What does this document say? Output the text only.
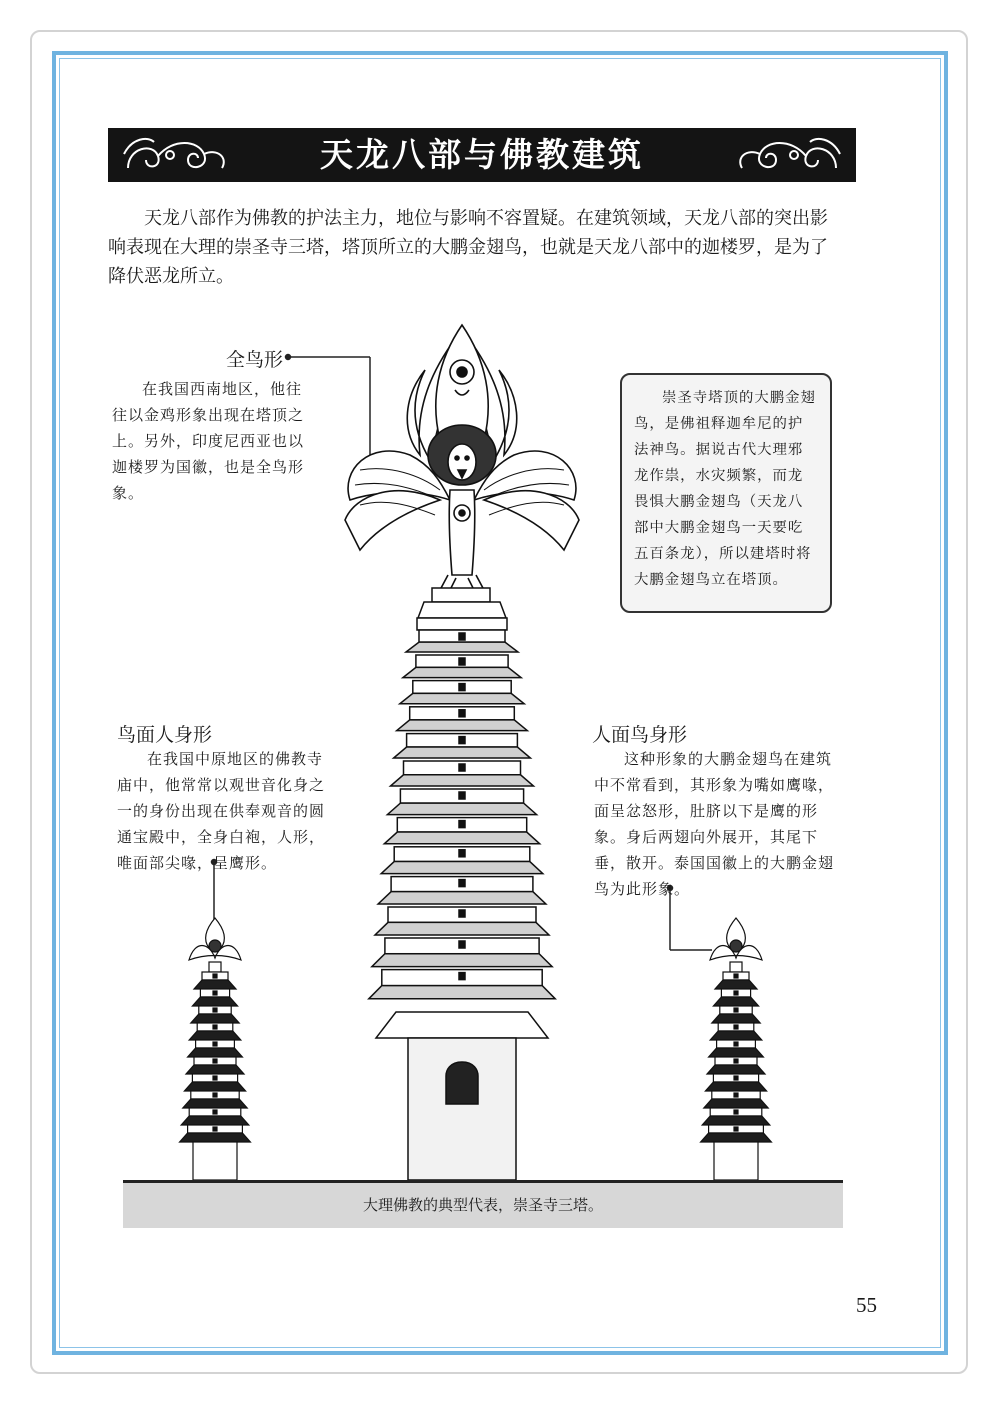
天龙八部与佛教建筑

天龙八部作为佛教的护法主力，地位与影响不容置疑。在建筑领域，天龙八部的突出影响表现在大理的崇圣寺三塔，塔顶所立的大鹏金翅鸟，也就是天龙八部中的迦楼罗，是为了降伏恶龙所立。

大理佛教的典型代表，崇圣寺三塔。
全鸟形

在我国西南地区，他往往以金鸡形象出现在塔顶之上。另外，印度尼西亚也以迦楼罗为国徽，也是全鸟形象。

鸟面人身形

在我国中原地区的佛教寺庙中，他常常以观世音化身之一的身份出现在供奉观音的圆通宝殿中，全身白袍，人形，唯面部尖喙，呈鹰形。

人面鸟身形

这种形象的大鹏金翅鸟在建筑中不常看到，其形象为嘴如鹰喙，面呈忿怒形，肚脐以下是鹰的形象。身后两翅向外展开，其尾下垂，散开。泰国国徽上的大鹏金翅鸟为此形象。

崇圣寺塔顶的大鹏金翅鸟，是佛祖释迦牟尼的护法神鸟。据说古代大理邪龙作祟，水灾频繁，而龙畏惧大鹏金翅鸟（天龙八部中大鹏金翅鸟一天要吃五百条龙），所以建塔时将大鹏金翅鸟立在塔顶。

55
